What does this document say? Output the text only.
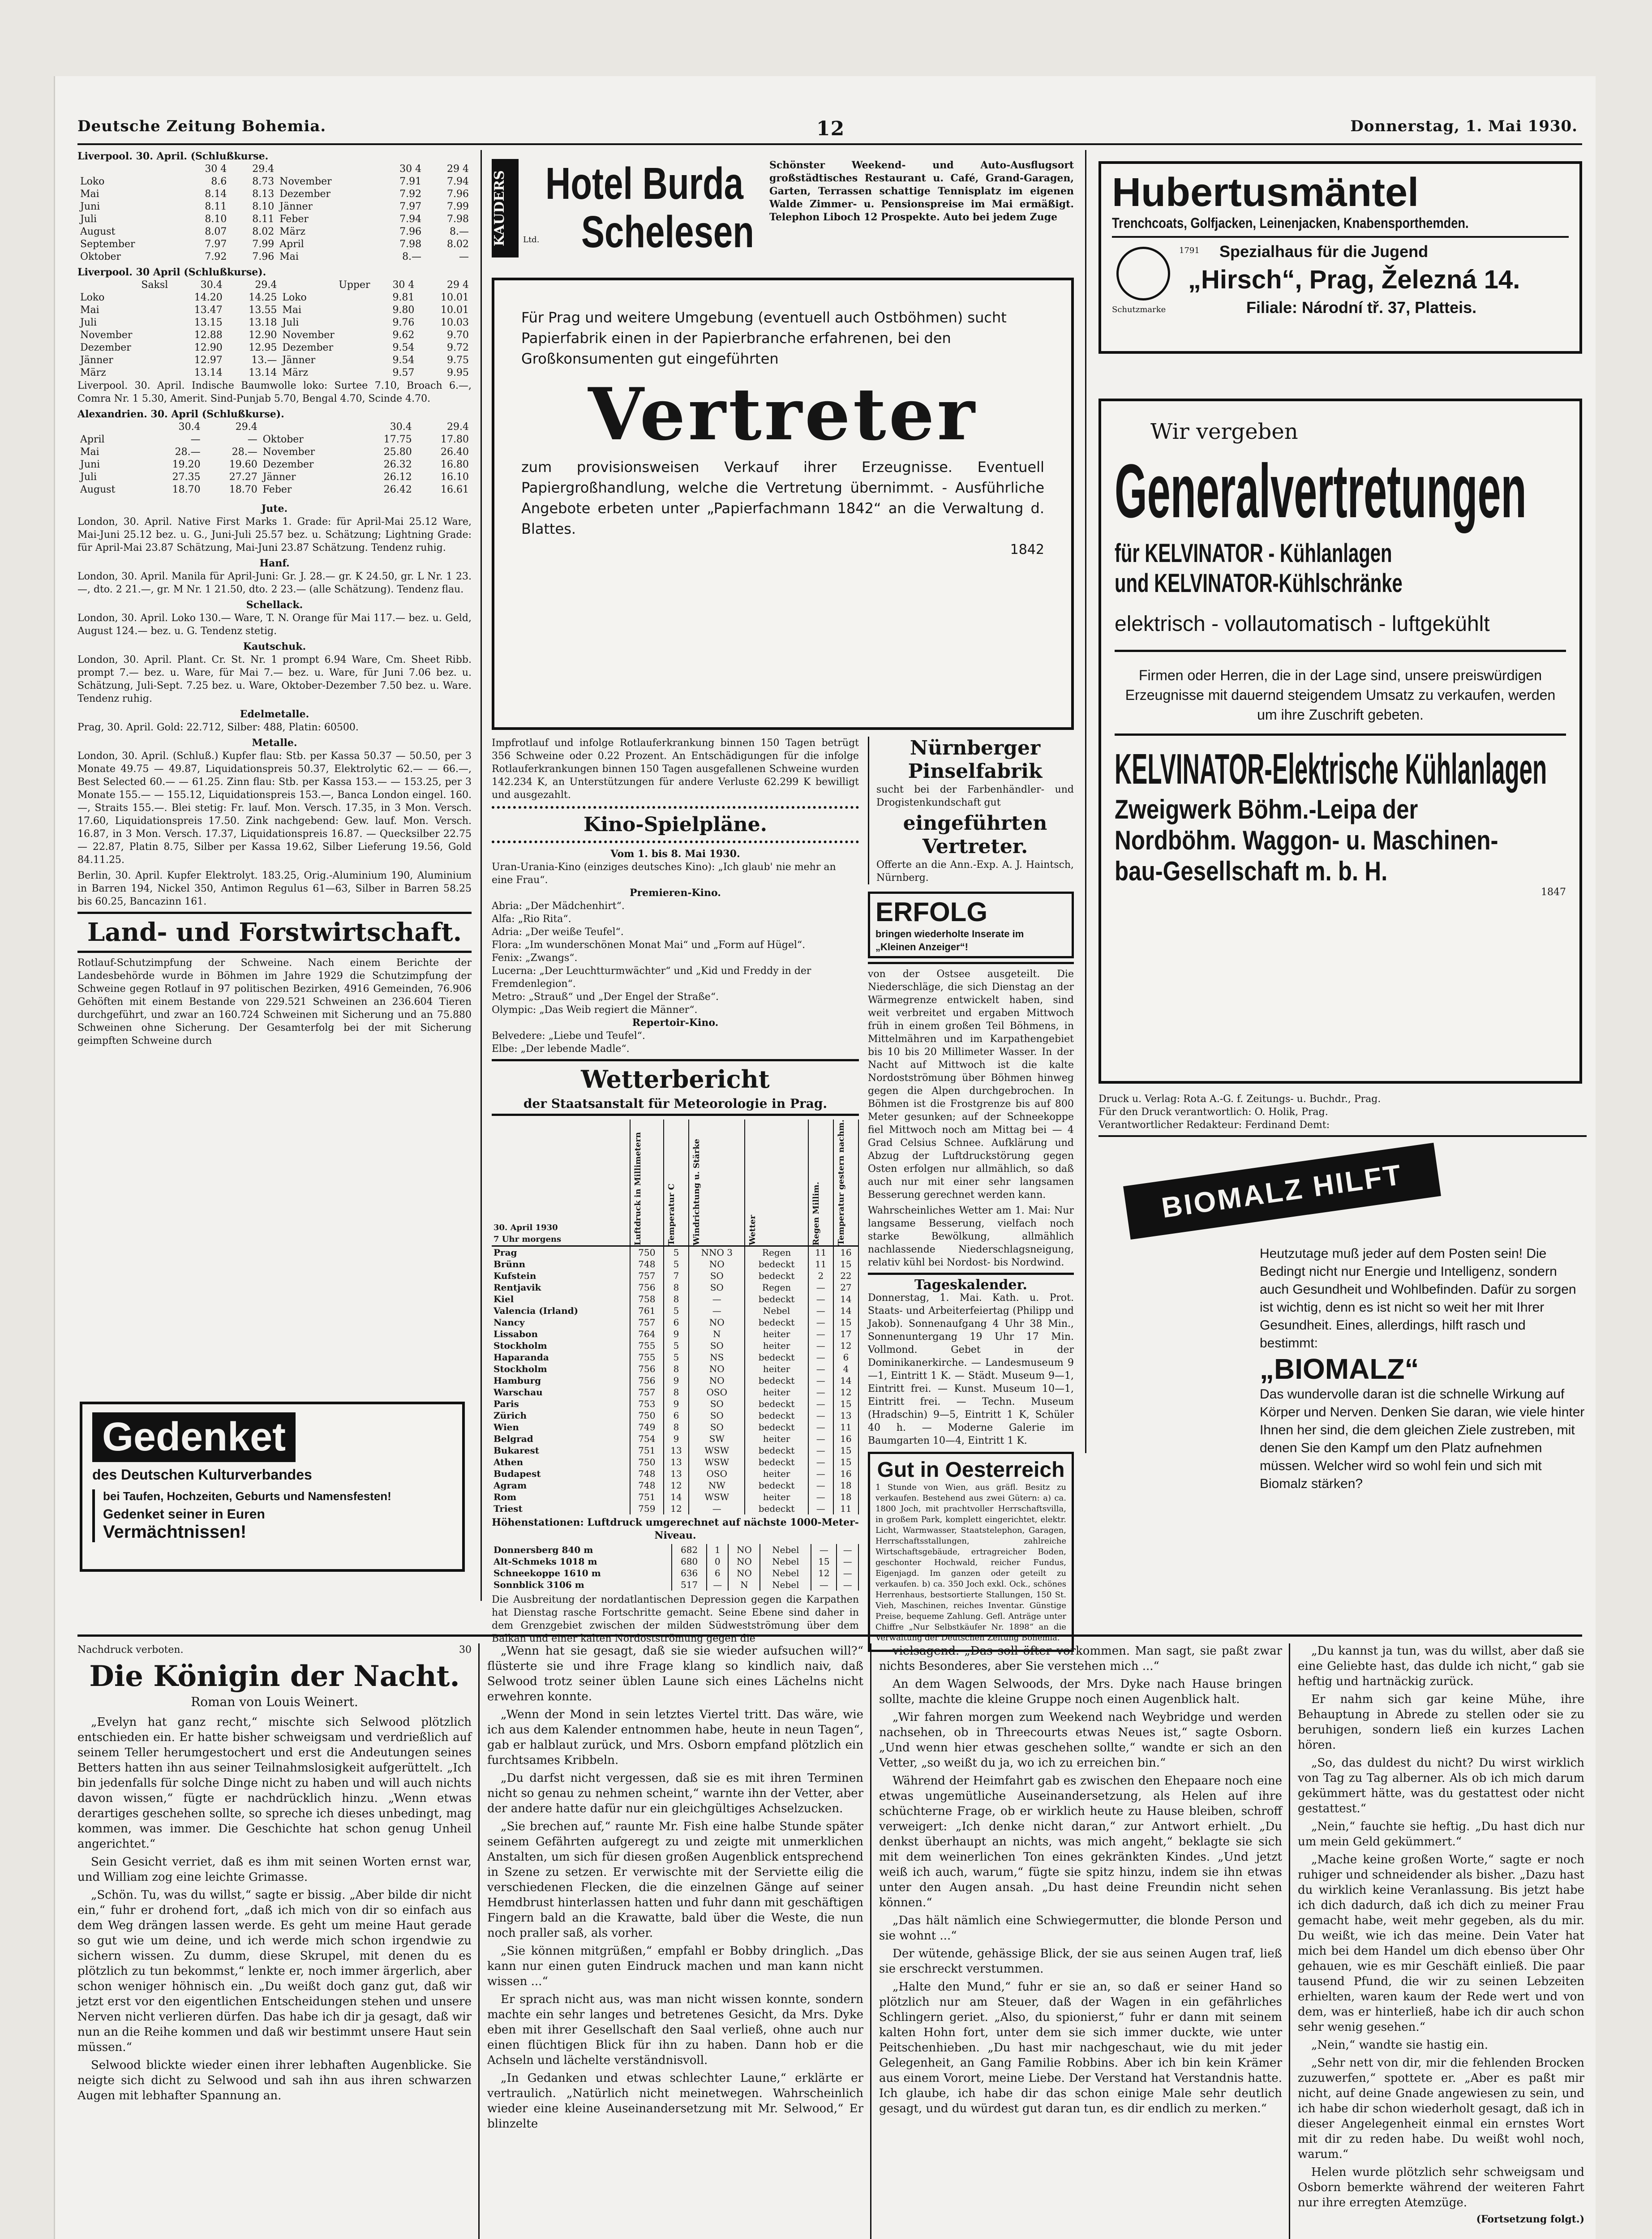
Deutsche Zeitung Bohemia.	12	Donnerstag, 1. Mai 1930.
Liverpool. 30. April. (Schlußkurse.
	30 4	29.4		30 4	29 4
Loko	8.6	8.73	November	7.91	7.94
Mai	8.14	8.13	Dezember	7.92	7.96
Juni	8.11	8.10	Jänner	7.97	7.99
Juli	8.10	8.11	Feber	7.94	7.98
August	8.07	8.02	März	7.96	8.—
September	7.97	7.99	April	7.98	8.02
Oktober	7.92	7.96	Mai	8.—	—
Liverpool. 30 April (Schlußkurse).
Saksl	30.4	29.4	Upper	30 4	29 4
Loko	14.20	14.25	Loko	9.81	10.01
Mai	13.47	13.55	Mai	9.80	10.01
Juli	13.15	13.18	Juli	9.76	10.03
November	12.88	12.90	November	9.62	9.70
Dezember	12.90	12.95	Dezember	9.54	9.72
Jänner	12.97	13.—	Jänner	9.54	9.75
März	13.14	13.14	März	9.57	9.95

Liverpool. 30. April. Indische Baumwolle loko: Surtee 7.10, Broach 6.—, Comra Nr. 1 5.30, Amerit. Sind-Punjab 5.70, Bengal 4.70, Scinde 4.70.

Alexandrien. 30. April (Schlußkurse).
	30.4	29.4		30.4	29.4
April	—	—	Oktober	17.75	17.80
Mai	28.—	28.—	November	25.80	26.40
Juni	19.20	19.60	Dezember	26.32	16.80
Juli	27.35	27.27	Jänner	26.12	16.10
August	18.70	18.70	Feber	26.42	16.61
Jute.

London, 30. April. Native First Marks 1. Grade: für April-Mai 25.12 Ware, Mai-Juni 25.12 bez. u. G., Juni-Juli 25.57 bez. u. Schätzung; Lightning Grade: für April-Mai 23.87 Schätzung, Mai-Juni 23.87 Schätzung. Tendenz ruhig.

Hanf.

London, 30. April. Manila für April-Juni: Gr. J. 28.— gr. K 24.50, gr. L Nr. 1 23.—, dto. 2 21.—, gr. M Nr. 1 21.50, dto. 2 23.— (alle Schätzung). Tendenz flau.

Schellack.

London, 30. April. Loko 130.— Ware, T. N. Orange für Mai 117.— bez. u. Geld, August 124.— bez. u. G. Tendenz stetig.

Kautschuk.

London, 30. April. Plant. Cr. St. Nr. 1 prompt 6.94 Ware, Cm. Sheet Ribb. prompt 7.— bez. u. Ware, für Mai 7.— bez. u. Ware, für Juni 7.06 bez. u. Schätzung, Juli-Sept. 7.25 bez. u. Ware, Oktober-Dezember 7.50 bez. u. Ware. Tendenz ruhig.

Edelmetalle.

Prag, 30. April. Gold: 22.712, Silber: 488, Platin: 60500.

Metalle.

London, 30. April. (Schluß.) Kupfer flau: Stb. per Kassa 50.37 — 50.50, per 3 Monate 49.75 — 49.87, Liquidationspreis 50.37, Elektrolytic 62.— — 66.—, Best Selected 60.— — 61.25. Zinn flau: Stb. per Kassa 153.— — 153.25, per 3 Monate 155.— — 155.12, Liquidationspreis 153.—, Banca London eingel. 160.—, Straits 155.—. Blei stetig: Fr. lauf. Mon. Versch. 17.35, in 3 Mon. Versch. 17.60, Liquidationspreis 17.50. Zink nachgebend: Gew. lauf. Mon. Versch. 16.87, in 3 Mon. Versch. 17.37, Liquidationspreis 16.87. — Quecksilber 22.75 — 22.87, Platin 8.75, Silber per Kassa 19.62, Silber Lieferung 19.56, Gold 84.11.25.

Berlin, 30. April. Kupfer Elektrolyt. 183.25, Orig.-Aluminium 190, Aluminium in Barren 194, Nickel 350, Antimon Regulus 61—63, Silber in Barren 58.25 bis 60.25, Bancazinn 161.

Land- und Forstwirtschaft.

Rotlauf-Schutzimpfung der Schweine. Nach einem Berichte der Landesbehörde wurde in Böhmen im Jahre 1929 die Schutzimpfung der Schweine gegen Rotlauf in 97 politischen Bezirken, 4916 Gemeinden, 76.906 Gehöften mit einem Bestande von 229.521 Schweinen an 236.604 Tieren durchgeführt, und zwar an 160.724 Schweinen mit Sicherung und an 75.880 Schweinen ohne Sicherung. Der Gesamterfolg bei der mit Sicherung geimpften Schweine durch

Gedenket
des Deutschen Kulturverbandes
bei Taufen, Hochzeiten, Geburts und Namensfesten!
Gedenket seiner in Euren
Vermächtnissen!
KAUDERS	Ltd.
Hotel Burda
Schelesen
Schönster Weekend- und Auto-Ausflugsort großstädtisches Restaurant u. Café, Grand-Garagen, Garten, Terrassen schattige Tennisplatz im eigenen Walde Zimmer- u. Pensionspreise im Mai ermäßigt. Telephon Liboch 12 Prospekte. Auto bei jedem Zuge

Für Prag und weitere Umgebung (eventuell auch Ostböhmen) sucht Papierfabrik einen in der Papierbranche erfahrenen, bei den Großkonsumenten gut eingeführten

Vertreter

zum provisionsweisen Verkauf ihrer Erzeugnisse. Eventuell Papiergroßhandlung, welche die Vertretung übernimmt. - Ausführliche Angebote erbeten unter „Papierfachmann 1842“ an die Verwaltung d. Blattes.

1842
Hubertusmäntel
Trenchcoats, Golfjacken, Leinenjacken, Knabensporthemden.
Schutzmarke
1791 Spezialhaus für die Jugend
„Hirsch“, Prag, Železná 14.
Filiale: Národní tř. 37, Platteis.
Wir vergeben
Generalvertretungen
für KELVINATOR - Kühlanlagen
und KELVINATOR-Kühlschränke
elektrisch - vollautomatisch - luftgekühlt

Firmen oder Herren, die in der Lage sind, unsere preiswürdigen Erzeugnisse mit dauernd steigendem Umsatz zu verkaufen, werden um ihre Zuschrift gebeten.

KELVINATOR-Elektrische Kühlanlagen
Zweigwerk Böhm.-Leipa der
Nordböhm. Waggon- u. Maschinen-
bau-Gesellschaft m. b. H.
1847
Druck u. Verlag: Rota A.-G. f. Zeitungs- u. Buchdr., Prag.
Für den Druck verantwortlich: O. Holik, Prag.
Verantwortlicher Redakteur: Ferdinand Demt:
BIOMALZ HILFT

Heutzutage muß jeder auf dem Posten sein! Die Bedingt nicht nur Energie und Intelligenz, sondern auch Gesundheit und Wohlbefinden. Dafür zu sorgen ist wichtig, denn es ist nicht so weit her mit Ihrer Gesundheit. Eines, allerdings, hilft rasch und bestimmt:

„BIOMALZ“

Das wundervolle daran ist die schnelle Wirkung auf Körper und Nerven. Denken Sie daran, wie viele hinter Ihnen her sind, die dem gleichen Ziele zustreben, mit denen Sie den Kampf um den Platz aufnehmen müssen. Welcher wird so wohl fein und sich mit Biomalz stärken?

Impfrotlauf und infolge Rotlauferkrankung binnen 150 Tagen betrügt 356 Schweine oder 0.22 Prozent. An Entschädigungen für die infolge Rotlauferkrankungen binnen 150 Tagen ausgefallenen Schweine wurden 142.234 K, an Unterstützungen für andere Verluste 62.299 K bewilligt und ausgezahlt.

Kino-Spielpläne.
Vom 1. bis 8. Mai 1930.
Uran-Urania-Kino (einziges deutsches Kino): „Ich glaub' nie mehr an eine Frau“.
Premieren-Kino.
Abria: „Der Mädchenhirt“.
Alfa: „Rio Rita“.
Adria: „Der weiße Teufel“.
Flora: „Im wunderschönen Monat Mai“ und „Form auf Hügel“.
Fenix: „Zwangs“.
Lucerna: „Der Leuchtturmwächter“ und „Kid und Freddy in der Fremdenlegion“.
Metro: „Strauß“ und „Der Engel der Straße“.
Olympic: „Das Weib regiert die Männer“.
Repertoir-Kino.
Belvedere: „Liebe und Teufel“.
Elbe: „Der lebende Madle“.
Wetterbericht
der Staatsanstalt für Meteorologie in Prag.
30. April 1930
7 Uhr morgens	Luftdruck in Millimetern	Temperatur C	Windrichtung u. Stärke	Wetter	Regen Millim.	Temperatur gestern nachm.

Prag	750	5	NNO 3	Regen	11	16
Brünn	748	5	NO	bedeckt	11	15
Kufstein	757	7	SO	bedeckt	2	22
Rentjavik	756	8	SO	Regen	—	27
Kiel	758	8	—	bedeckt	—	14
Valencia (Irland)	761	5	—	Nebel	—	14
Nancy	757	6	NO	bedeckt	—	15
Lissabon	764	9	N	heiter	—	17
Stockholm	755	5	SO	heiter	—	12
Haparanda	755	5	NS	bedeckt	—	6
Stockholm	756	8	NO	heiter	—	4
Hamburg	756	9	NO	bedeckt	—	14
Warschau	757	8	OSO	heiter	—	12
Paris	753	9	SO	bedeckt	—	15
Zürich	750	6	SO	bedeckt	—	13
Wien	749	8	SO	bedeckt	—	11
Belgrad	754	9	SW	heiter	—	16
Bukarest	751	13	WSW	bedeckt	—	15
Athen	750	13	WSW	bedeckt	—	15
Budapest	748	13	OSO	heiter	—	16
Agram	748	12	NW	bedeckt	—	18
Rom	751	14	WSW	heiter	—	18
Triest	759	12	—	bedeckt	—	11
Höhenstationen: Luftdruck umgerechnet auf nächste 1000-Meter-Niveau.
Donnersberg 840 m	682	1	NO	Nebel	—	—
Alt-Schmeks 1018 m	680	0	NO	Nebel	15	—
Schneekoppe 1610 m	636	6	NO	Nebel	12	—
Sonnblick 3106 m	517	—	N	Nebel	—	—

Die Ausbreitung der nordatlantischen Depression gegen die Karpathen hat Dienstag rasche Fortschritte gemacht. Seine Ebene sind daher in dem Grenzgebiet zwischen der milden Südwestströmung über dem Balkan und einer kalten Nordostströmung gegen die

Nürnberger Pinselfabrik

sucht bei der Farbenhändler- und Drogistenkundschaft gut

eingeführten Vertreter.

Offerte an die Ann.-Exp. A. J. Haintsch, Nürnberg.

ERFOLG
bringen wiederholte Inserate im „Kleinen Anzeiger“!

von der Ostsee ausgeteilt. Die Niederschläge, die sich Dienstag an der Wärmegrenze entwickelt haben, sind weit verbreitet und ergaben Mittwoch früh in einem großen Teil Böhmens, in Mittelmähren und im Karpathengebiet bis 10 bis 20 Millimeter Wasser. In der Nacht auf Mittwoch ist die kalte Nordostströmung über Böhmen hinweg gegen die Alpen durchgebrochen. In Böhmen ist die Frostgrenze bis auf 800 Meter gesunken; auf der Schneekoppe fiel Mittwoch noch am Mittag bei — 4 Grad Celsius Schnee. Aufklärung und Abzug der Luftdruckstörung gegen Osten erfolgen nur allmählich, so daß auch nur mit einer sehr langsamen Besserung gerechnet werden kann.

Wahrscheinliches Wetter am 1. Mai: Nur langsame Besserung, vielfach noch starke Bewölkung, allmählich nachlassende Niederschlagsneigung, relativ kühl bei Nordost- bis Nordwind.

Tageskalender.

Donnerstag, 1. Mai. Kath. u. Prot. Staats- und Arbeiterfeiertag (Philipp und Jakob). Sonnenaufgang 4 Uhr 38 Min., Sonnenuntergang 19 Uhr 17 Min. Vollmond. Gebet in der Dominikanerkirche. — Landesmuseum 9—1, Eintritt 1 K. — Städt. Museum 9—1, Eintritt frei. — Kunst. Museum 10—1, Eintritt frei. — Techn. Museum (Hradschin) 9—5, Eintritt 1 K, Schüler 40 h. — Moderne Galerie im Baumgarten 10—4, Eintritt 1 K.

Gut in Oesterreich

1 Stunde von Wien, aus gräfl. Besitz zu verkaufen. Bestehend aus zwei Gütern: a) ca. 1800 Joch, mit prachtvoller Herrschaftsvilla, in großem Park, komplett eingerichtet, elektr. Licht, Warmwasser, Staatstelephon, Garagen, Herrschaftsstallungen, zahlreiche Wirtschaftsgebäude, ertragreicher Boden, geschonter Hochwald, reicher Fundus, Eigenjagd. Im ganzen oder geteilt zu verkaufen. b) ca. 350 Joch exkl. Ock., schönes Herrenhaus, bestsortierte Stallungen, 150 St. Vieh, Maschinen, reiches Inventar. Günstige Preise, bequeme Zahlung. Gefl. Anträge unter Chiffre „Nur Selbstkäufer Nr. 1898“ an die Verwaltung der Deutschen Zeitung Bohemia.

Nachdruck verboten.	30
Die Königin der Nacht.
Roman von Louis Weinert.

„Evelyn hat ganz recht,“ mischte sich Selwood plötzlich entschieden ein. Er hatte bisher schweigsam und verdrießlich auf seinem Teller herumgestochert und erst die Andeutungen seines Betters hatten ihn aus seiner Teilnahmslosigkeit aufgerüttelt. „Ich bin jedenfalls für solche Dinge nicht zu haben und will auch nichts davon wissen,“ fügte er nachdrücklich hinzu. „Wenn etwas derartiges geschehen sollte, so spreche ich dieses unbedingt, mag kommen, was immer. Die Geschichte hat schon genug Unheil angerichtet.“

Sein Gesicht verriet, daß es ihm mit seinen Worten ernst war, und William zog eine leichte Grimasse.

„Schön. Tu, was du willst,“ sagte er bissig. „Aber bilde dir nicht ein,“ fuhr er drohend fort, „daß ich mich von dir so einfach aus dem Weg drängen lassen werde. Es geht um meine Haut gerade so gut wie um deine, und ich werde mich schon irgendwie zu sichern wissen. Zu dumm, diese Skrupel, mit denen du es plötzlich zu tun bekommst,“ lenkte er, noch immer ärgerlich, aber schon weniger höhnisch ein. „Du weißt doch ganz gut, daß wir jetzt erst vor den eigentlichen Entscheidungen stehen und unsere Nerven nicht verlieren dürfen. Das habe ich dir ja gesagt, daß wir nun an die Reihe kommen und daß wir bestimmt unsere Haut sein müssen.“

Selwood blickte wieder einen ihrer lebhaften Augenblicke. Sie neigte sich dicht zu Selwood und sah ihn aus ihren schwarzen Augen mit lebhafter Spannung an.

„Wenn hat sie gesagt, daß sie sie wieder aufsuchen will?“ flüsterte sie und ihre Frage klang so kindlich naiv, daß Selwood trotz seiner üblen Laune sich eines Lächelns nicht erwehren konnte.

„Wenn der Mond in sein letztes Viertel tritt. Das wäre, wie ich aus dem Kalender entnommen habe, heute in neun Tagen“, gab er halblaut zurück, und Mrs. Osborn empfand plötzlich ein furchtsames Kribbeln.

„Du darfst nicht vergessen, daß sie es mit ihren Terminen nicht so genau zu nehmen scheint,“ warnte ihn der Vetter, aber der andere hatte dafür nur ein gleichgültiges Achselzucken.

„Sie brechen auf,“ raunte Mr. Fish eine halbe Stunde später seinem Gefährten aufgeregt zu und zeigte mit unmerklichen Anstalten, um sich für diesen großen Augenblick entsprechend in Szene zu setzen. Er verwischte mit der Serviette eilig die verschiedenen Flecken, die die einzelnen Gänge auf seiner Hemdbrust hinterlassen hatten und fuhr dann mit geschäftigen Fingern bald an die Krawatte, bald über die Weste, die nun noch praller saß, als vorher.

„Sie können mitgrüßen,“ empfahl er Bobby dringlich. „Das kann nur einen guten Eindruck machen und man kann nicht wissen ...“

Er sprach nicht aus, was man nicht wissen konnte, sondern machte ein sehr langes und betretenes Gesicht, da Mrs. Dyke eben mit ihrer Gesellschaft den Saal verließ, ohne auch nur einen flüchtigen Blick für ihn zu haben. Dann hob er die Achseln und lächelte verständnisvoll.

„In Gedanken und etwas schlechter Laune,“ erklärte er vertraulich. „Natürlich nicht meinetwegen. Wahrscheinlich wieder eine kleine Auseinandersetzung mit Mr. Selwood,“ Er blinzelte

vielsagend. „Das soll öfter vorkommen. Man sagt, sie paßt zwar nichts Besonderes, aber Sie verstehen mich ...“

An dem Wagen Selwoods, der Mrs. Dyke nach Hause bringen sollte, machte die kleine Gruppe noch einen Augenblick halt.

„Wir fahren morgen zum Weekend nach Weybridge und werden nachsehen, ob in Threecourts etwas Neues ist,“ sagte Osborn. „Und wenn hier etwas geschehen sollte,“ wandte er sich an den Vetter, „so weißt du ja, wo ich zu erreichen bin.“

Während der Heimfahrt gab es zwischen den Ehepaare noch eine etwas ungemütliche Auseinandersetzung, als Helen auf ihre schüchterne Frage, ob er wirklich heute zu Hause bleiben, schroff verweigert: „Ich denke nicht daran,“ zur Antwort erhielt. „Du denkst überhaupt an nichts, was mich angeht,“ beklagte sie sich mit dem weinerlichen Ton eines gekränkten Kindes. „Und jetzt weiß ich auch, warum,“ fügte sie spitz hinzu, indem sie ihn etwas unter den Augen ansah. „Du hast deine Freundin nicht sehen können.“

„Das hält nämlich eine Schwiegermutter, die blonde Person und sie wohnt ...“

Der wütende, gehässige Blick, der sie aus seinen Augen traf, ließ sie erschreckt verstummen.

„Halte den Mund,“ fuhr er sie an, so daß er seiner Hand so plötzlich nur am Steuer, daß der Wagen in ein gefährliches Schlingern geriet. „Also, du spionierst,“ fuhr er dann mit seinem kalten Hohn fort, unter dem sie sich immer duckte, wie unter Peitschenhieben. „Du hast mir nachgeschaut, wie du mit jeder Gelegenheit, an Gang Familie Robbins. Aber ich bin kein Krämer aus einem Vorort, meine Liebe. Der Verstand hat Verstandnis hatte. Ich glaube, ich habe dir das schon einige Male sehr deutlich gesagt, und du würdest gut daran tun, es dir endlich zu merken.“

„Du kannst ja tun, was du willst, aber daß sie eine Geliebte hast, das dulde ich nicht,“ gab sie heftig und hartnäckig zurück.

Er nahm sich gar keine Mühe, ihre Behauptung in Abrede zu stellen oder sie zu beruhigen, sondern ließ ein kurzes Lachen hören.

„So, das duldest du nicht? Du wirst wirklich von Tag zu Tag alberner. Als ob ich mich darum gekümmert hätte, was du gestattest oder nicht gestattest.“

„Nein,“ fauchte sie heftig. „Du hast dich nur um mein Geld gekümmert.“

„Mache keine großen Worte,“ sagte er noch ruhiger und schneidender als bisher. „Dazu hast du wirklich keine Veranlassung. Bis jetzt habe ich dich dadurch, daß ich dich zu meiner Frau gemacht habe, weit mehr gegeben, als du mir. Du weißt, wie ich das meine. Dein Vater hat mich bei dem Handel um dich ebenso über Ohr gehauen, wie es mir Geschäft einließ. Die paar tausend Pfund, die wir zu seinen Lebzeiten erhielten, waren kaum der Rede wert und von dem, was er hinterließ, habe ich dir auch schon sehr wenig gesehen.“

„Nein,“ wandte sie hastig ein.

„Sehr nett von dir, mir die fehlenden Brocken zuzuwerfen,“ spottete er. „Aber es paßt mir nicht, auf deine Gnade angewiesen zu sein, und ich habe dir schon wiederholt gesagt, daß ich in dieser Angelegenheit einmal ein ernstes Wort mit dir zu reden habe. Du weißt wohl noch, warum.“

Helen wurde plötzlich sehr schweigsam und Osborn bemerkte während der weiteren Fahrt nur ihre erregten Atemzüge.

(Fortsetzung folgt.)
